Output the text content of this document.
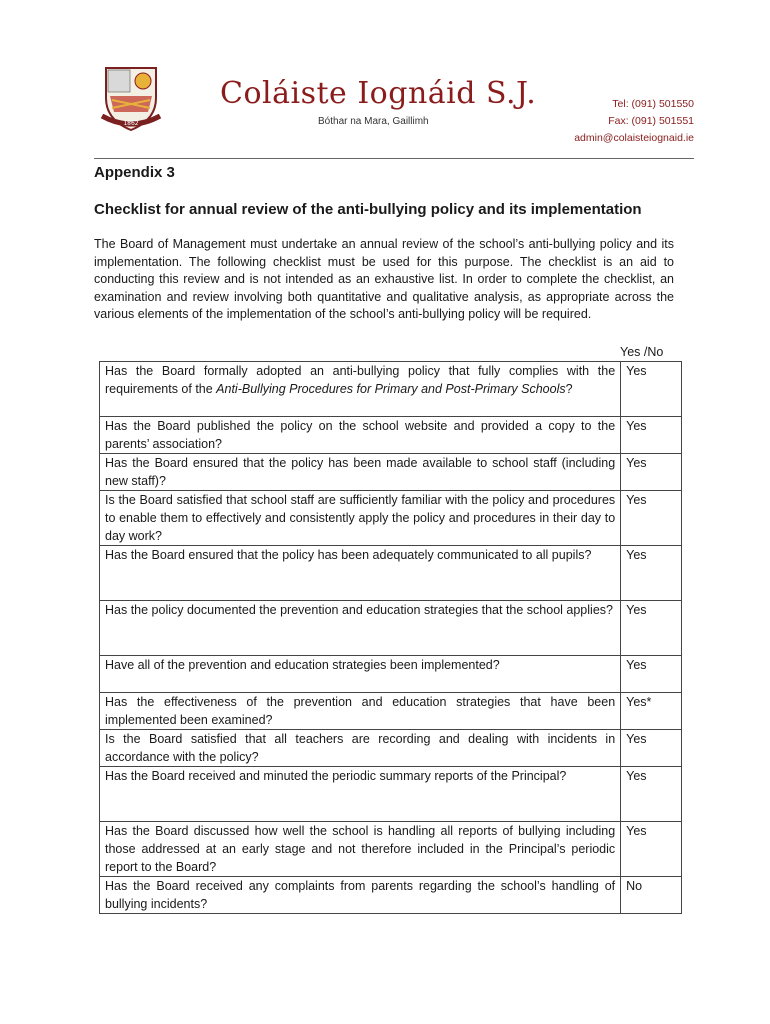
1862
Coláiste Iognáid S.J.
Bóthar na Mara, Gaillimh
Tel: (091) 501550
Fax: (091) 501551
admin@colaisteiognaid.ie
Appendix 3
Checklist for annual review of the anti-bullying policy and its implementation

The Board of Management must undertake an annual review of the school’s anti-bullying policy and its implementation. The following checklist must be used for this purpose. The checklist is an aid to conducting this review and is not intended as an exhaustive list. In order to complete the checklist, an examination and review involving both quantitative and qualitative analysis, as appropriate across the various elements of the implementation of the school’s anti-bullying policy will be required.

Yes /No
Has the Board formally adopted an anti-bullying policy that fully complies with the requirements of the Anti-Bullying Procedures for Primary and Post-Primary Schools?	Yes
Has the Board published the policy on the school website and provided a copy to the parents’ association?	Yes
Has the Board ensured that the policy has been made available to school staff (including new staff)?	Yes
Is the Board satisfied that school staff are sufficiently familiar with the policy and procedures to enable them to effectively and consistently apply the policy and procedures in their day to day work?	Yes
Has the Board ensured that the policy has been adequately communicated to all pupils?	Yes
Has the policy documented the prevention and education strategies that the school applies?	Yes
Have all of the prevention and education strategies been implemented?	Yes
Has the effectiveness of the prevention and education strategies that have been implemented been examined?	Yes*
Is the Board satisfied that all teachers are recording and dealing with incidents in accordance with the policy?	Yes
Has the Board received and minuted the periodic summary reports of the Principal?	Yes
Has the Board discussed how well the school is handling all reports of bullying including those addressed at an early stage and not therefore included in the Principal’s periodic report to the Board?	Yes
Has the Board received any complaints from parents regarding the school’s handling of bullying incidents?	No
